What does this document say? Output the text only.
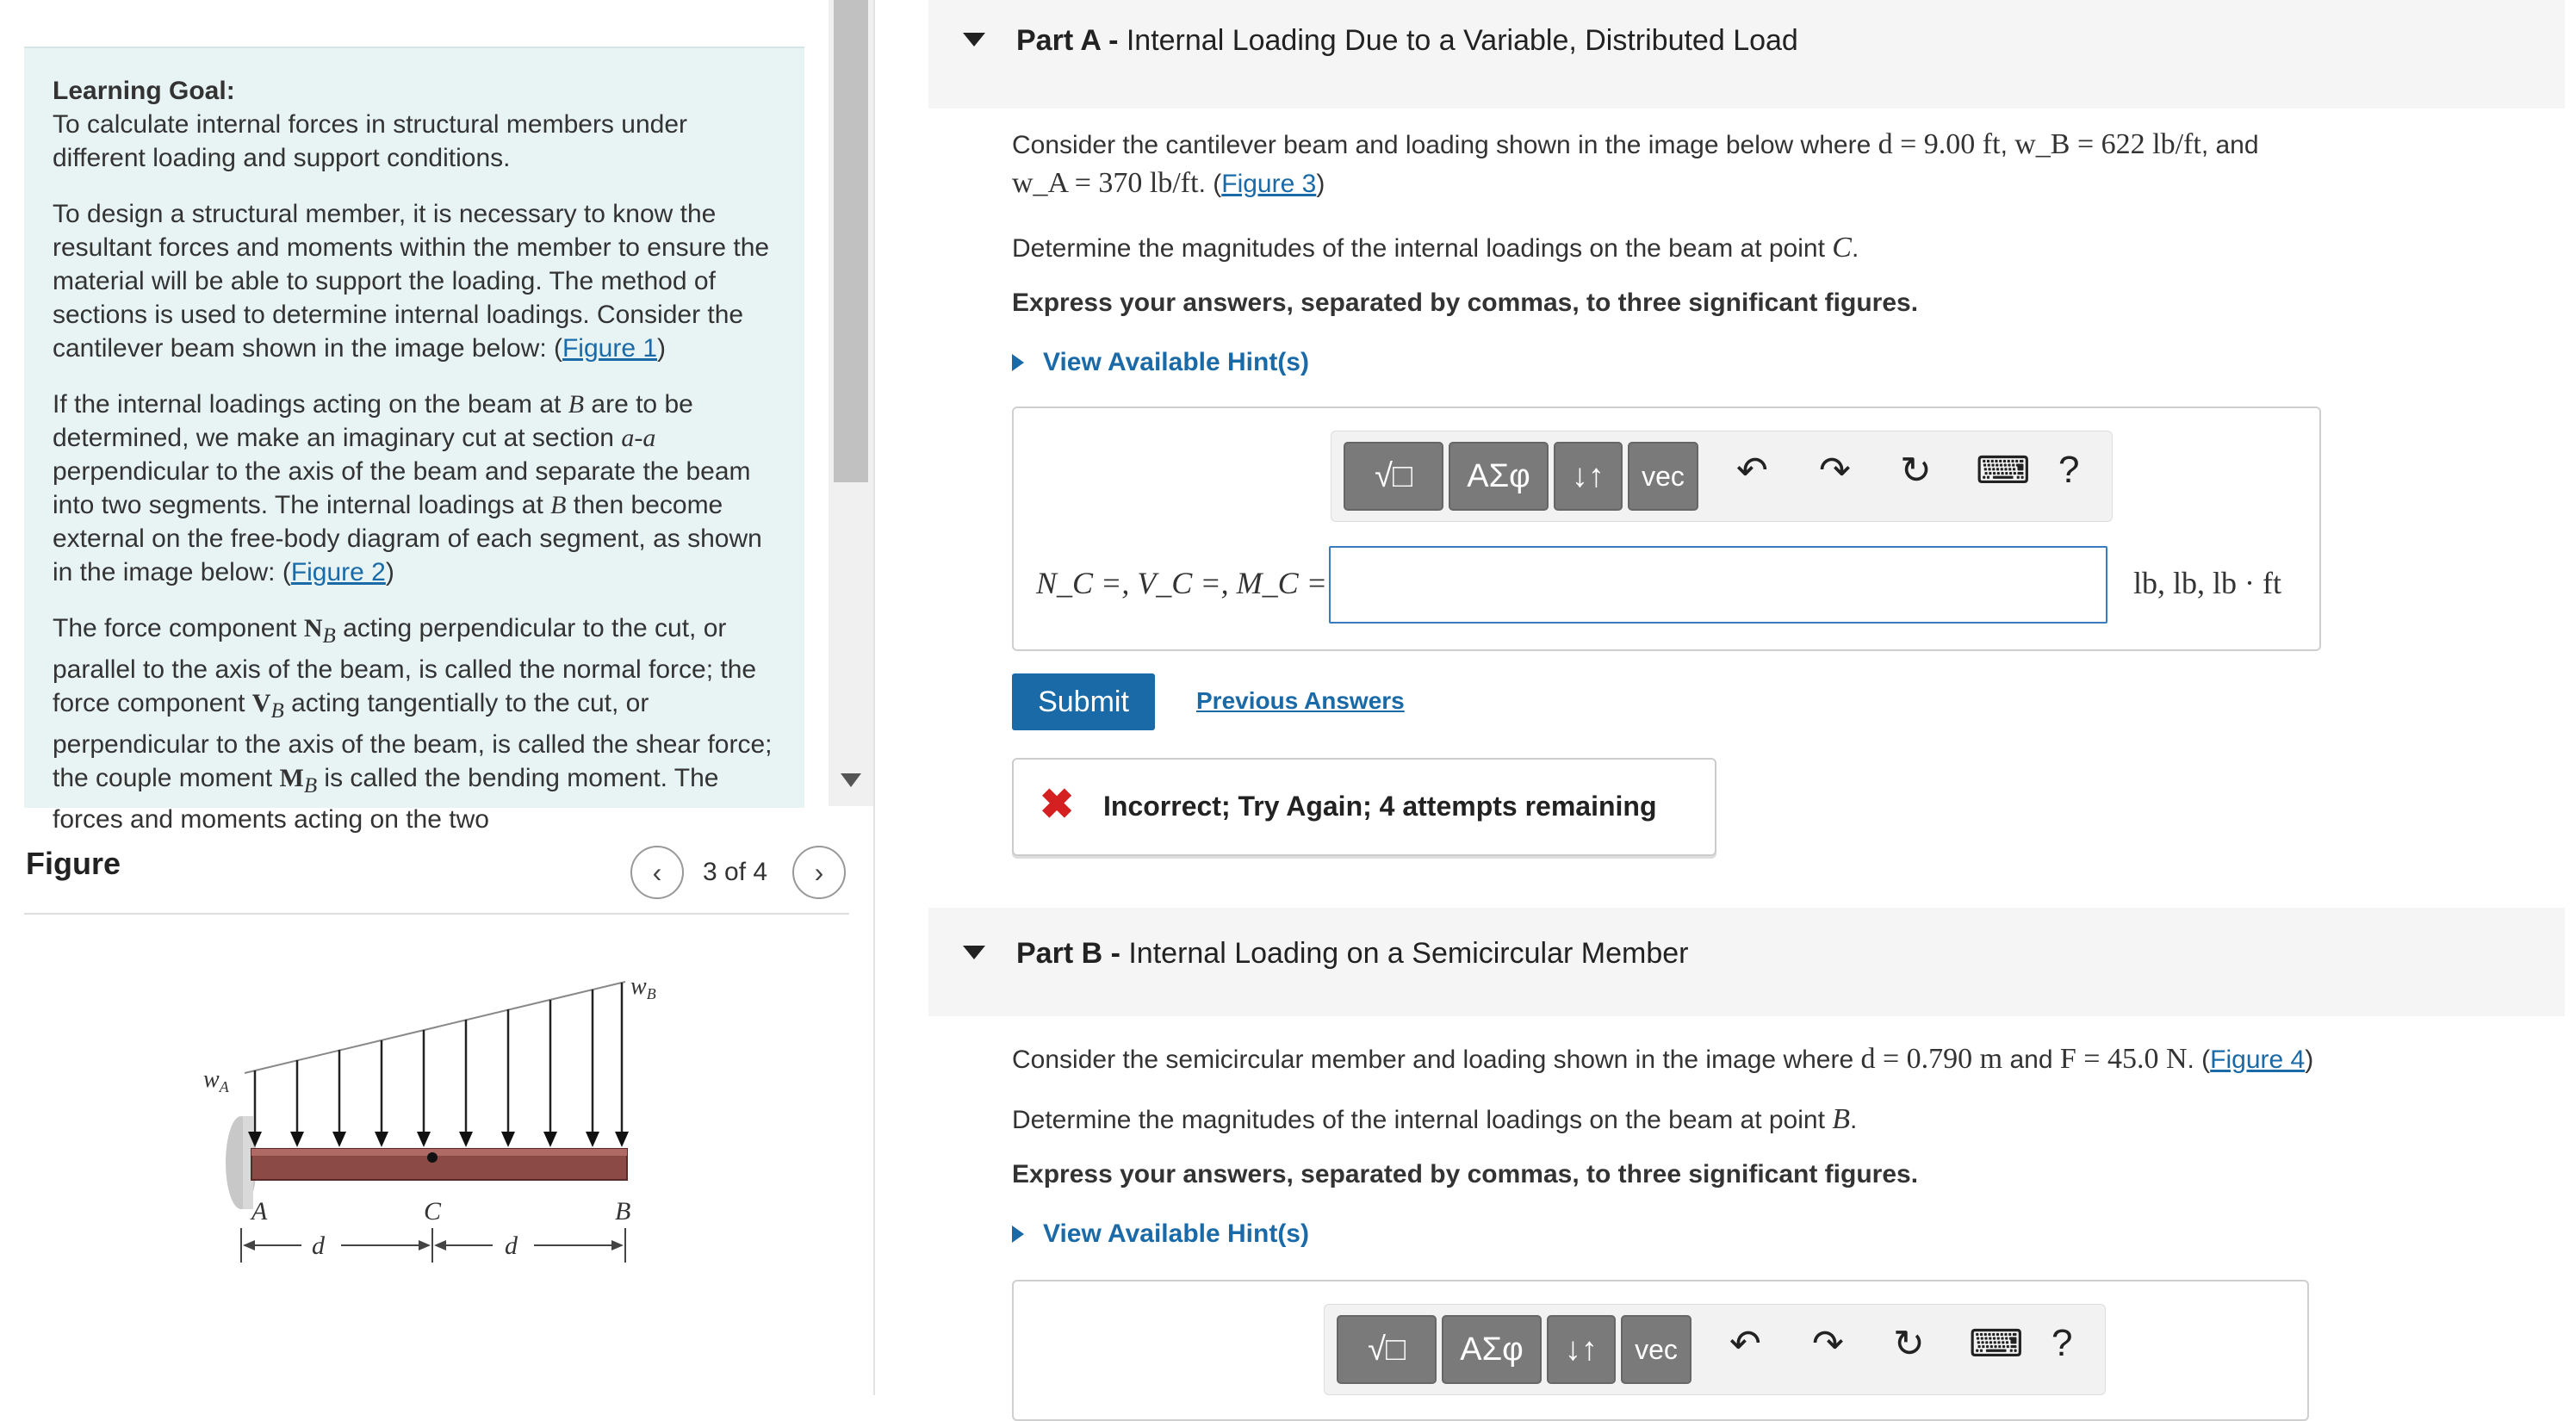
Learning Goal:

To calculate internal forces in structural members under different loading and support conditions.

To design a structural member, it is necessary to know the resultant forces and moments within the member to ensure the material will be able to support the loading. The method of sections is used to determine internal loadings. Consider the cantilever beam shown in the image below: (Figure 1)

If the internal loadings acting on the beam at B are to be determined, we make an imaginary cut at section a-a perpendicular to the axis of the beam and separate the beam into two segments. The internal loadings at B then become external on the free-body diagram of each segment, as shown in the image below: (Figure 2)

The force component $N_B$ acting perpendicular to the cut, or parallel to the axis of the beam, is called the normal force; the force component $V_B$ acting tangentially to the cut, or perpendicular to the axis of the beam, is called the shear force; the couple moment $M_B$ is called the bending moment. The forces and moments acting on the two

Figure	‹	3 of 4	›
$w_A$
$w_B$
A	C	B
d	d
Part A - Internal Loading Due to a Variable, Distributed Load
Consider the cantilever beam and loading shown in the image below where d = 9.00 ft, w_B = 622 lb/ft, and
w_A = 370 lb/ft. (Figure 3)
Determine the magnitudes of the internal loadings on the beam at point C.
Express your answers, separated by commas, to three significant figures.
View Available Hint(s)
√□	ΑΣφ	↓↑	vec	↶ ↷ ↻ ⌨ ?
N_C =, V_C =, M_C =	lb, lb, lb · ft
Submit	Previous Answers
✖ Incorrect; Try Again; 4 attempts remaining
Part B - Internal Loading on a Semicircular Member
Consider the semicircular member and loading shown in the image where d = 0.790 m and F = 45.0 N. (Figure 4)
Determine the magnitudes of the internal loadings on the beam at point B.
Express your answers, separated by commas, to three significant figures.
View Available Hint(s)
√□	ΑΣφ	↓↑	vec	↶ ↷ ↻ ⌨ ?
